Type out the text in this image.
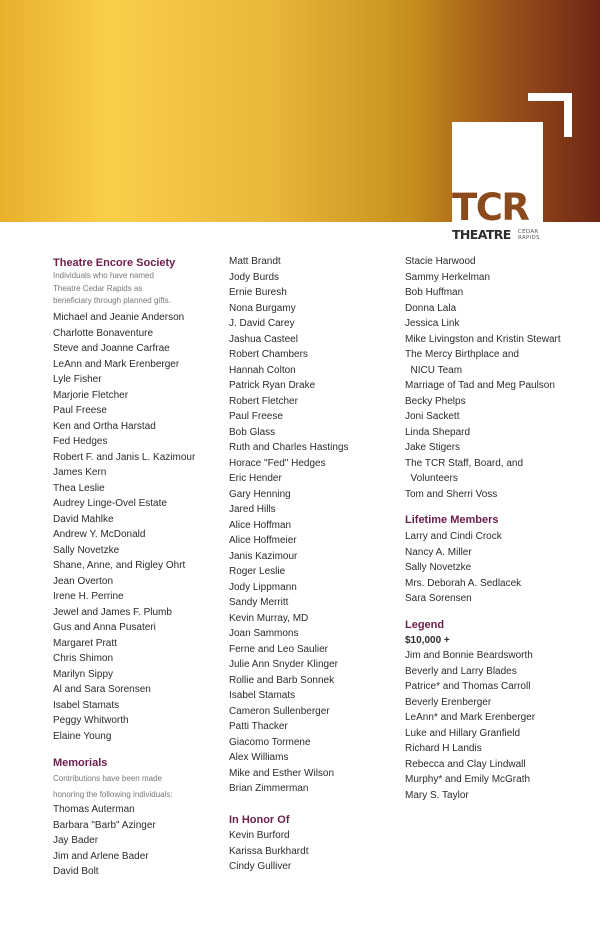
TCR
THEATRE CEDAR RAPIDS
Theatre Encore Society
Individuals who have named
Theatre Cedar Rapids as
beneficiary through planned gifts.
Michael and Jeanie Anderson
Charlotte Bonaventure
Steve and Joanne Carfrae
LeAnn and Mark Erenberger
Lyle Fisher
Marjorie Fletcher
Paul Freese
Ken and Ortha Harstad
Fed Hedges
Robert F. and Janis L. Kazimour
James Kern
Thea Leslie
Audrey Linge-Ovel Estate
David Mahlke
Andrew Y. McDonald
Sally Novetzke
Shane, Anne, and Rigley Ohrt
Jean Overton
Irene H. Perrine
Jewel and James F. Plumb
Gus and Anna Pusateri
Margaret Pratt
Chris Shimon
Marilyn Sippy
Al and Sara Sorensen
Isabel Stamats
Peggy Whitworth
Elaine Young
Memorials
Contributions have been made
honoring the following individuals:
Thomas Auterman
Barbara "Barb" Azinger
Jay Bader
Jim and Arlene Bader
David Bolt
Matt Brandt
Jody Burds
Ernie Buresh
Nona Burgamy
J. David Carey
Jashua Casteel
Robert Chambers
Hannah Colton
Patrick Ryan Drake
Robert Fletcher
Paul Freese
Bob Glass
Ruth and Charles Hastings
Horace "Fed" Hedges
Eric Hender
Gary Henning
Jared Hills
Alice Hoffman
Alice Hoffmeier
Janis Kazimour
Roger Leslie
Jody Lippmann
Sandy Merritt
Kevin Murray, MD
Joan Sammons
Ferne and Leo Saulier
Julie Ann Snyder Klinger
Rollie and Barb Sonnek
Isabel Stamats
Cameron Sullenberger
Patti Thacker
Giacomo Tormene
Alex Williams
Mike and Esther Wilson
Brian Zimmerman
In Honor Of
Kevin Burford
Karissa Burkhardt
Cindy Gulliver
Stacie Harwood
Sammy Herkelman
Bob Huffman
Donna Lala
Jessica Link
Mike Livingston and Kristin Stewart
The Mercy Birthplace and
NICU Team
Marriage of Tad and Meg Paulson
Becky Phelps
Joni Sackett
Linda Shepard
Jake Stigers
The TCR Staff, Board, and
Volunteers
Tom and Sherri Voss
Lifetime Members
Larry and Cindi Crock
Nancy A. Miller
Sally Novetzke
Mrs. Deborah A. Sedlacek
Sara Sorensen
Legend
$10,000 +
Jim and Bonnie Beardsworth
Beverly and Larry Blades
Patrice* and Thomas Carroll
Beverly Erenberger
LeAnn* and Mark Erenberger
Luke and Hillary Granfield
Richard H Landis
Rebecca and Clay Lindwall
Murphy* and Emily McGrath
Mary S. Taylor
